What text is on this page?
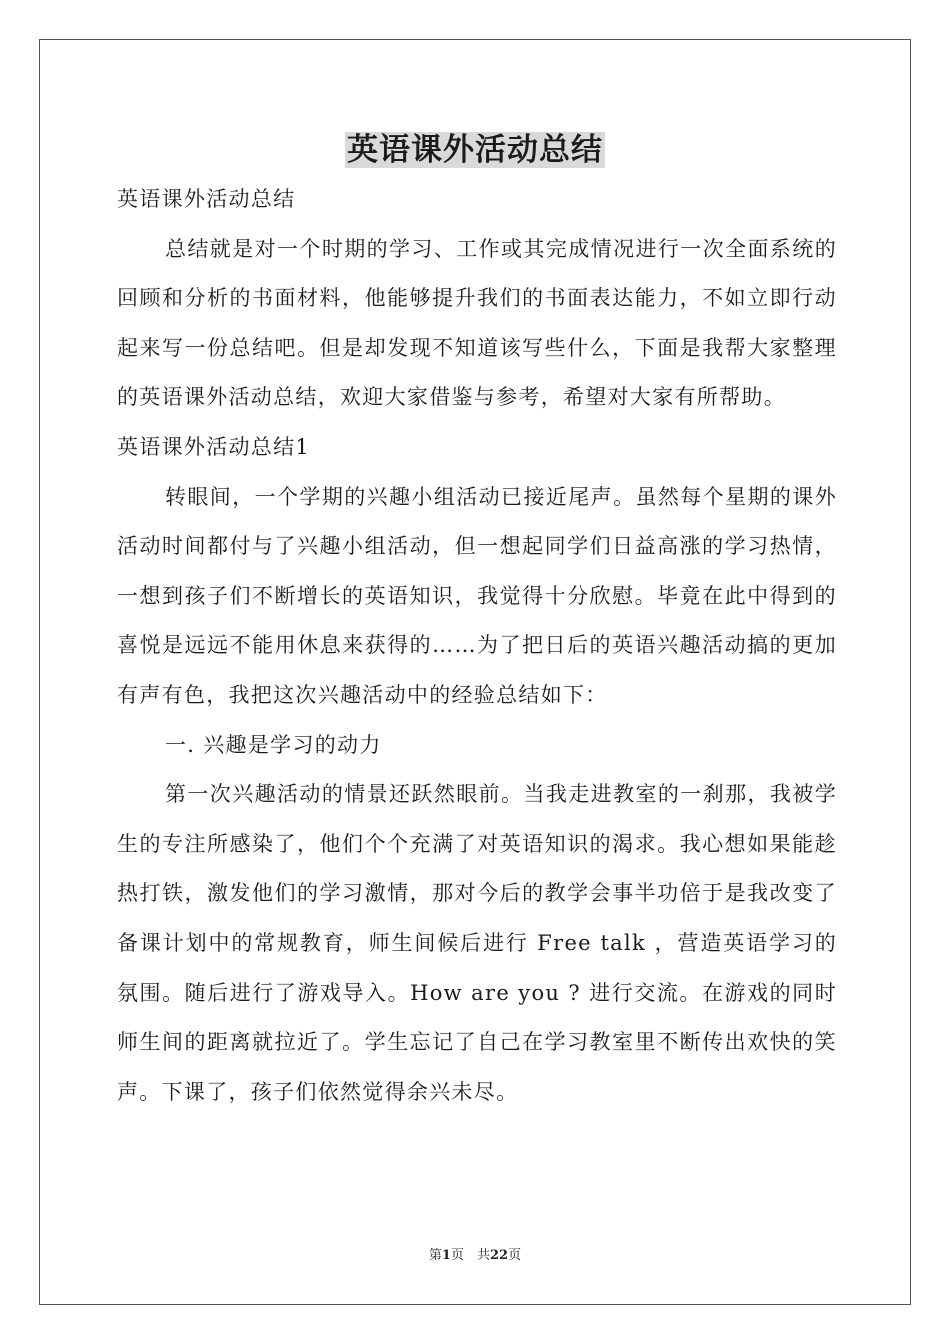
英语课外活动总结

英语课外活动总结

总结就是对一个时期的学习、工作或其完成情况进行一次全面系统的回顾和分析的书面材料，他能够提升我们的书面表达能力，不如立即行动起来写一份总结吧。但是却发现不知道该写些什么，下面是我帮大家整理的英语课外活动总结，欢迎大家借鉴与参考，希望对大家有所帮助。

英语课外活动总结1

转眼间，一个学期的兴趣小组活动已接近尾声。虽然每个星期的课外活动时间都付与了兴趣小组活动，但一想起同学们日益高涨的学习热情，一想到孩子们不断增长的英语知识，我觉得十分欣慰。毕竟在此中得到的喜悦是远远不能用休息来获得的……为了把日后的英语兴趣活动搞的更加有声有色，我把这次兴趣活动中的经验总结如下：

一. 兴趣是学习的动力

第一次兴趣活动的情景还跃然眼前。当我走进教室的一刹那，我被学生的专注所感染了，他们个个充满了对英语知识的渴求。我心想如果能趁热打铁，激发他们的学习激情，那对今后的教学会事半功倍于是我改变了备课计划中的常规教育，师生间候后进行 Free talk ，营造英语学习的氛围。随后进行了游戏导入。How are you ? 进行交流。在游戏的同时师生间的距离就拉近了。学生忘记了自己在学习教室里不断传出欢快的笑声。下课了，孩子们依然觉得余兴未尽。

第1页　共22页
